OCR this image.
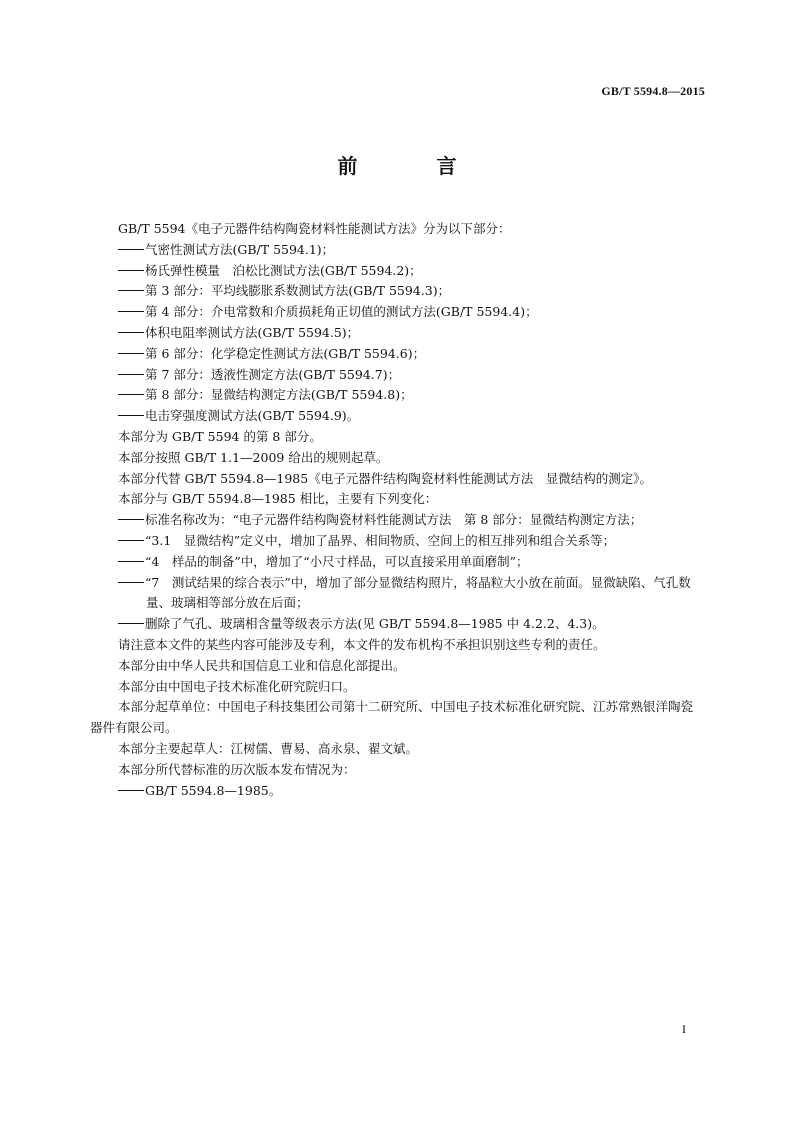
GB/T 5594.8—2015
前 言

GB/T 5594《电子元器件结构陶瓷材料性能测试方法》分为以下部分：

气密性测试方法(GB/T 5594.1)；

杨氏弹性模量　泊松比测试方法(GB/T 5594.2)；

第 3 部分：平均线膨胀系数测试方法(GB/T 5594.3)；

第 4 部分：介电常数和介质损耗角正切值的测试方法(GB/T 5594.4)；

体积电阻率测试方法(GB/T 5594.5)；

第 6 部分：化学稳定性测试方法(GB/T 5594.6)；

第 7 部分：透液性测定方法(GB/T 5594.7)；

第 8 部分：显微结构测定方法(GB/T 5594.8)；

电击穿强度测试方法(GB/T 5594.9)。

本部分为 GB/T 5594 的第 8 部分。

本部分按照 GB/T 1.1—2009 给出的规则起草。

本部分代替 GB/T 5594.8—1985《电子元器件结构陶瓷材料性能测试方法　显微结构的测定》。

本部分与 GB/T 5594.8—1985 相比，主要有下列变化：

标准名称改为：“电子元器件结构陶瓷材料性能测试方法　第 8 部分：显微结构测定方法；

“3.1　显微结构”定义中，增加了晶界、相间物质、空间上的相互排列和组合关系等；

“4　样品的制备”中，增加了“小尺寸样品，可以直接采用单面磨制”；

“7　测试结果的综合表示”中，增加了部分显微结构照片，将晶粒大小放在前面。显微缺陷、气孔数量、玻璃相等部分放在后面；

删除了气孔、玻璃相含量等级表示方法(见 GB/T 5594.8—1985 中 4.2.2、4.3)。

请注意本文件的某些内容可能涉及专利，本文件的发布机构不承担识别这些专利的责任。

本部分由中华人民共和国信息工业和信息化部提出。

本部分由中国电子技术标准化研究院归口。

本部分起草单位：中国电子科技集团公司第十二研究所、中国电子技术标准化研究院、江苏常熟银洋陶瓷器件有限公司。

本部分主要起草人：江树儒、曹易、高永泉、翟文斌。

本部分所代替标准的历次版本发布情况为：

GB/T 5594.8—1985。

I
